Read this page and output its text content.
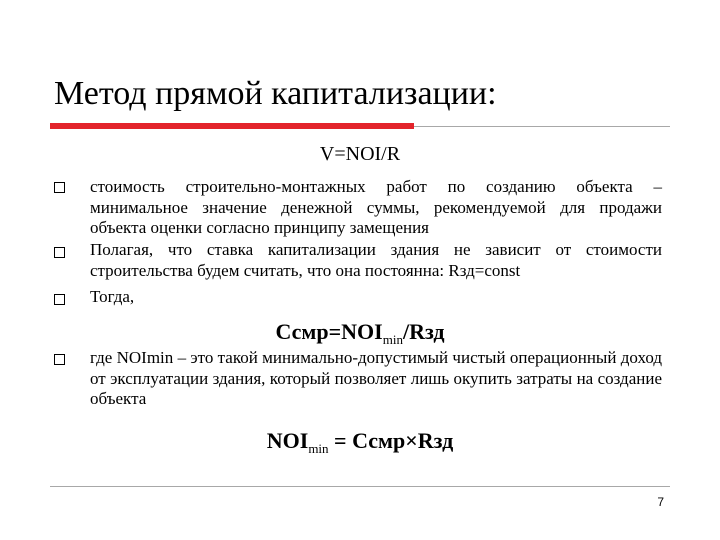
Метод прямой капитализации:
V=NOI/R
стоимость строительно-монтажных работ по созданию объекта – минимальное значение денежной суммы, рекомендуемой для продажи объекта оценки согласно принципу замещения
Полагая, что ставка капитализации здания не зависит от стоимости строительства будем считать, что она постоянна: Rзд=const
Тогда,
$Ссмр=NOI_{min}$/Rзд
где NOImin – это такой минимально-допустимый чистый операционный доход от эксплуатации здания, который позволяет лишь окупить затраты на создание объекта
$NOI_{min}$ = Ссмр×Rзд
7
